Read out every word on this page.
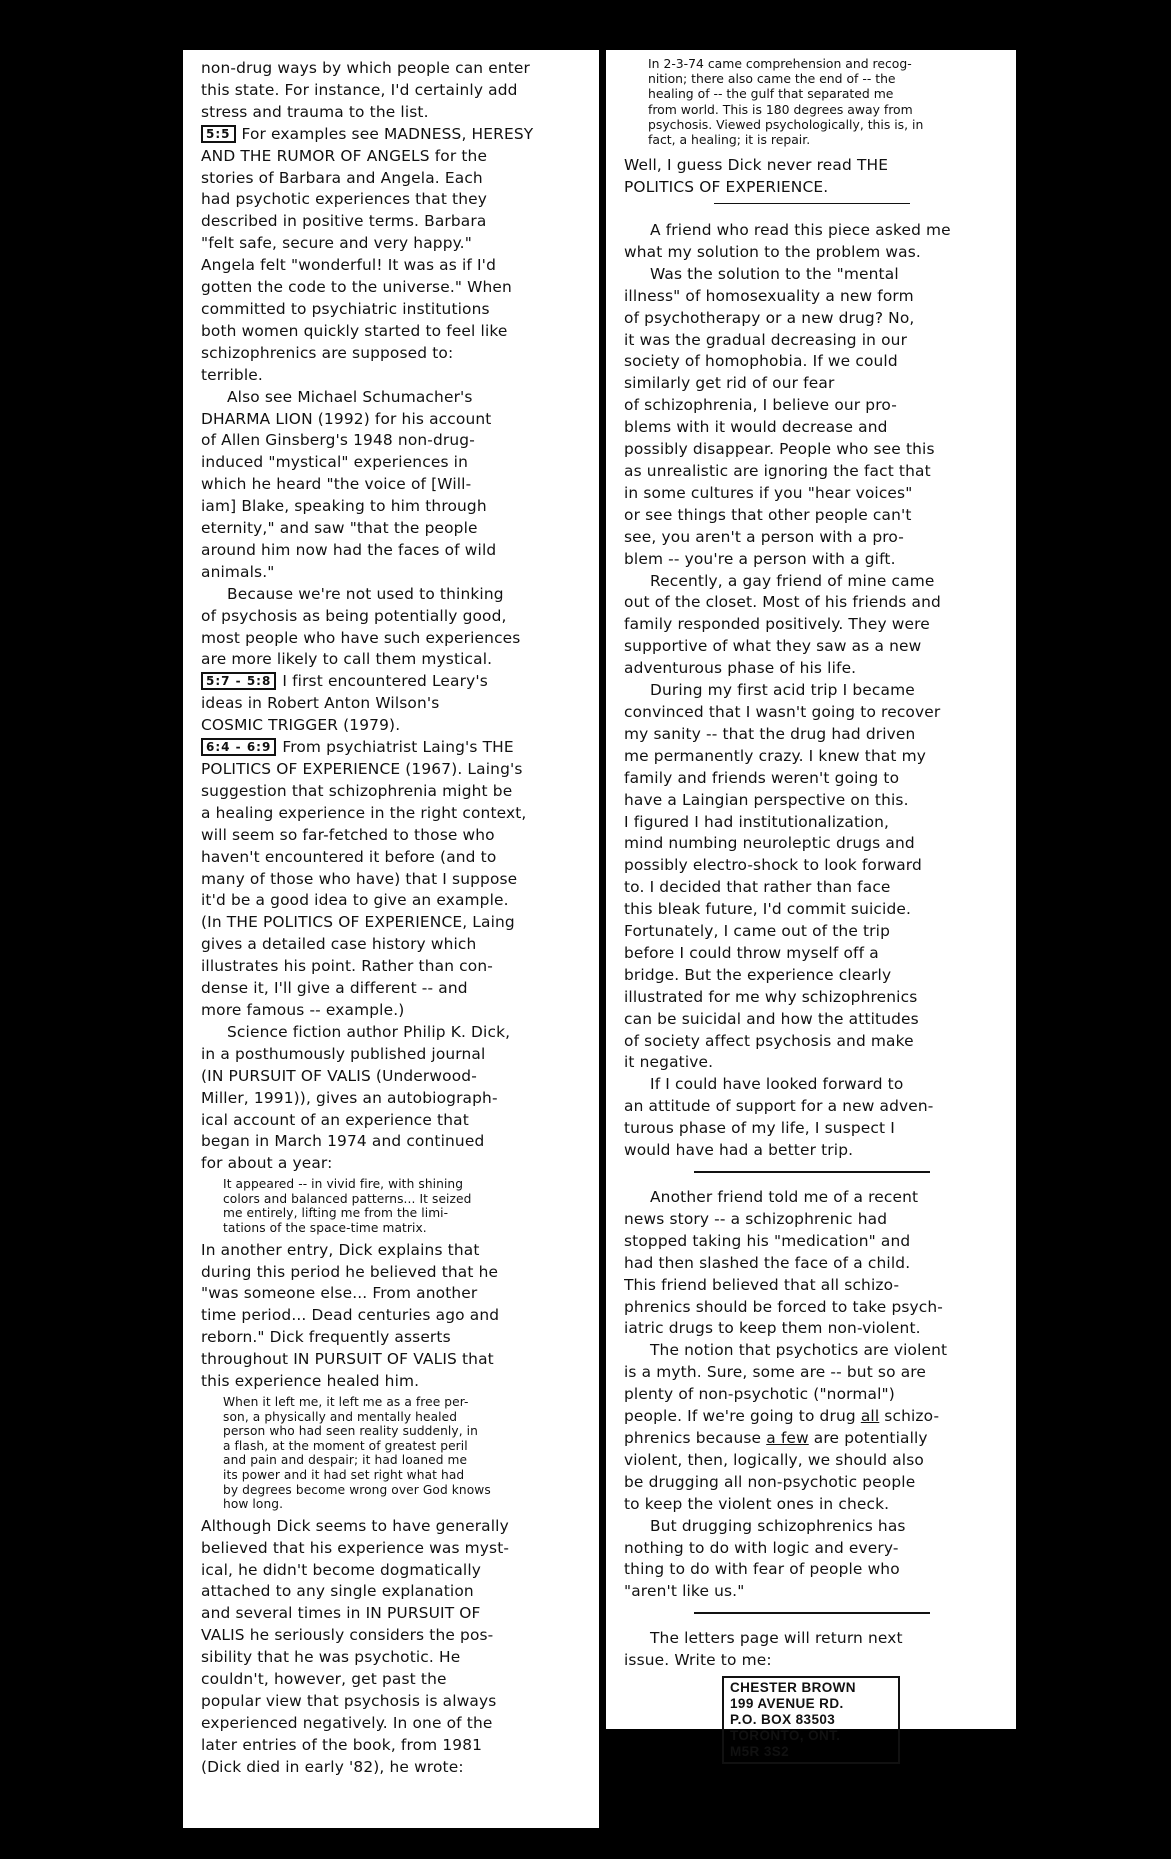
non-drug ways by which people can enter
this state. For instance, I'd certainly add
stress and trauma to the list.

5:5 For examples see MADNESS, HERESY
AND THE RUMOR OF ANGELS for the
stories of Barbara and Angela. Each
had psychotic experiences that they
described in positive terms. Barbara
"felt safe, secure and very happy."
Angela felt "wonderful! It was as if I'd
gotten the code to the universe." When
committed to psychiatric institutions
both women quickly started to feel like
schizophrenics are supposed to:
terrible.

Also see Michael Schumacher's
DHARMA LION (1992) for his account
of Allen Ginsberg's 1948 non-drug-
induced "mystical" experiences in
which he heard "the voice of [Will-
iam] Blake, speaking to him through
eternity," and saw "that the people
around him now had the faces of wild
animals."

Because we're not used to thinking
of psychosis as being potentially good,
most people who have such experiences
are more likely to call them mystical.

5:7 - 5:8 I first encountered Leary's
ideas in Robert Anton Wilson's
COSMIC TRIGGER (1979).

6:4 - 6:9 From psychiatrist Laing's THE
POLITICS OF EXPERIENCE (1967). Laing's
suggestion that schizophrenia might be
a healing experience in the right context,
will seem so far-fetched to those who
haven't encountered it before (and to
many of those who have) that I suppose
it'd be a good idea to give an example.
(In THE POLITICS OF EXPERIENCE, Laing
gives a detailed case history which
illustrates his point. Rather than con-
dense it, I'll give a different -- and
more famous -- example.)

Science fiction author Philip K. Dick,
in a posthumously published journal
(IN PURSUIT OF VALIS (Underwood-
Miller, 1991)), gives an autobiograph-
ical account of an experience that
began in March 1974 and continued
for about a year:

It appeared -- in vivid fire, with shining
colors and balanced patterns... It seized
me entirely, lifting me from the limi-
tations of the space-time matrix.

In another entry, Dick explains that
during this period he believed that he
"was someone else... From another
time period... Dead centuries ago and
reborn." Dick frequently asserts
throughout IN PURSUIT OF VALIS that
this experience healed him.

When it left me, it left me as a free per-
son, a physically and mentally healed
person who had seen reality suddenly, in
a flash, at the moment of greatest peril
and pain and despair; it had loaned me
its power and it had set right what had
by degrees become wrong over God knows
how long.

Although Dick seems to have generally
believed that his experience was myst-
ical, he didn't become dogmatically
attached to any single explanation
and several times in IN PURSUIT OF
VALIS he seriously considers the pos-
sibility that he was psychotic. He
couldn't, however, get past the
popular view that psychosis is always
experienced negatively. In one of the
later entries of the book, from 1981
(Dick died in early '82), he wrote:

In 2-3-74 came comprehension and recog-
nition; there also came the end of -- the
healing of -- the gulf that separated me
from world. This is 180 degrees away from
psychosis. Viewed psychologically, this is, in
fact, a healing; it is repair.

Well, I guess Dick never read THE
POLITICS OF EXPERIENCE.

A friend who read this piece asked me
what my solution to the problem was.

Was the solution to the "mental
illness" of homosexuality a new form
of psychotherapy or a new drug? No,
it was the gradual decreasing in our
society of homophobia. If we could
similarly get rid of our fear
of schizophrenia, I believe our pro-
blems with it would decrease and
possibly disappear. People who see this
as unrealistic are ignoring the fact that
in some cultures if you "hear voices"
or see things that other people can't
see, you aren't a person with a pro-
blem -- you're a person with a gift.

Recently, a gay friend of mine came
out of the closet. Most of his friends and
family responded positively. They were
supportive of what they saw as a new
adventurous phase of his life.

During my first acid trip I became
convinced that I wasn't going to recover
my sanity -- that the drug had driven
me permanently crazy. I knew that my
family and friends weren't going to
have a Laingian perspective on this.
I figured I had institutionalization,
mind numbing neuroleptic drugs and
possibly electro-shock to look forward
to. I decided that rather than face
this bleak future, I'd commit suicide.
Fortunately, I came out of the trip
before I could throw myself off a
bridge. But the experience clearly
illustrated for me why schizophrenics
can be suicidal and how the attitudes
of society affect psychosis and make
it negative.

If I could have looked forward to
an attitude of support for a new adven-
turous phase of my life, I suspect I
would have had a better trip.

Another friend told me of a recent
news story -- a schizophrenic had
stopped taking his "medication" and
had then slashed the face of a child.
This friend believed that all schizo-
phrenics should be forced to take psych-
iatric drugs to keep them non-violent.

The notion that psychotics are violent
is a myth. Sure, some are -- but so are
plenty of non-psychotic ("normal")
people. If we're going to drug all schizo-
phrenics because a few are potentially
violent, then, logically, we should also
be drugging all non-psychotic people
to keep the violent ones in check.

But drugging schizophrenics has
nothing to do with logic and every-
thing to do with fear of people who
"aren't like us."

The letters page will return next
issue. Write to me:

CHESTER BROWN
199 AVENUE RD.
P.O. BOX 83503
TORONTO, ONT.
M5R 3S2
